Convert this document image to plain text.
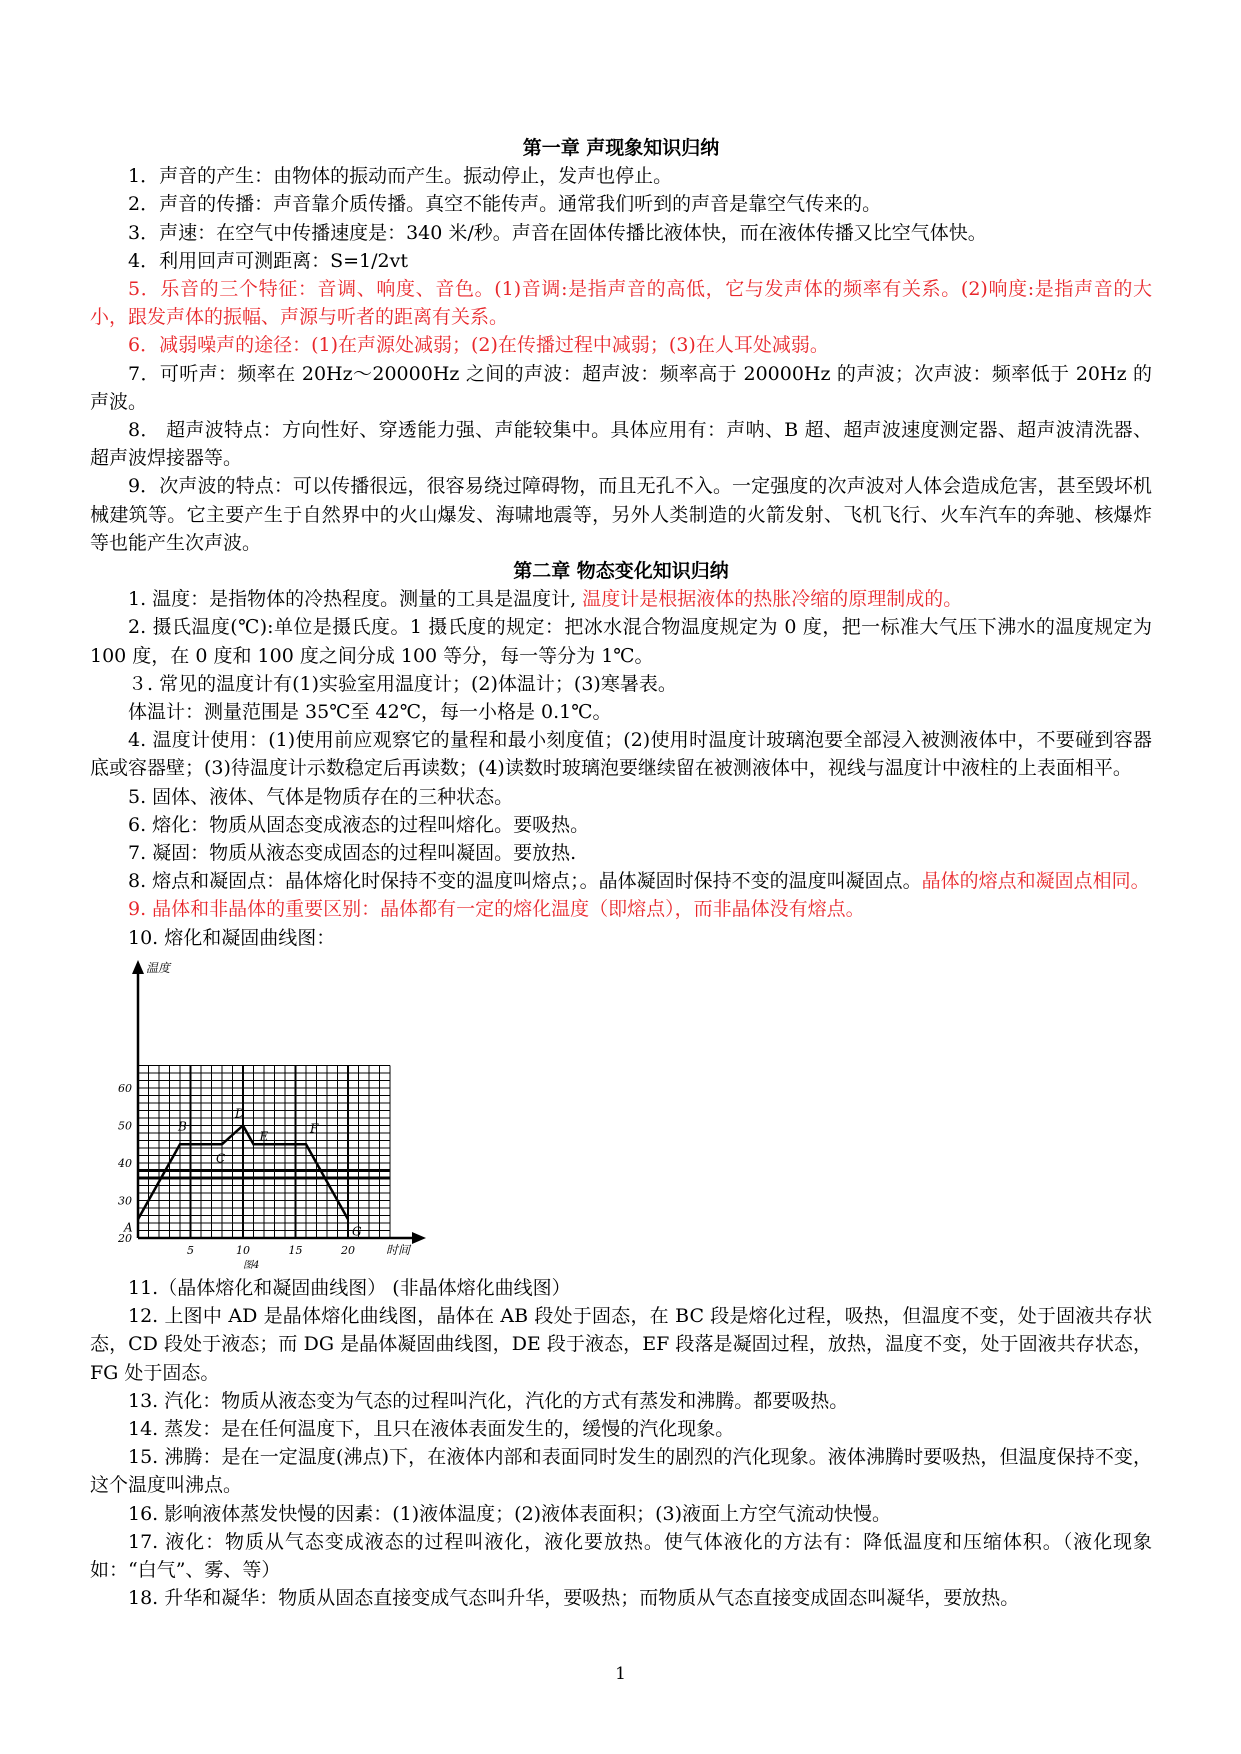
第一章 声现象知识归纳

1．声音的产生：由物体的振动而产生。振动停止，发声也停止。

2．声音的传播：声音靠介质传播。真空不能传声。通常我们听到的声音是靠空气传来的。

3．声速：在空气中传播速度是：340 米/秒。声音在固体传播比液体快，而在液体传播又比空气体快。

4．利用回声可测距离：S=1/2vt

5．乐音的三个特征：音调、响度、音色。(1)音调:是指声音的高低，它与发声体的频率有关系。(2)响度:是指声音的大小，跟发声体的振幅、声源与听者的距离有关系。

6．减弱噪声的途径：(1)在声源处减弱；(2)在传播过程中减弱；(3)在人耳处减弱。

7．可听声：频率在 20Hz～20000Hz 之间的声波：超声波：频率高于 20000Hz 的声波；次声波：频率低于 20Hz 的声波。

8． 超声波特点：方向性好、穿透能力强、声能较集中。具体应用有：声呐、B 超、超声波速度测定器、超声波清洗器、超声波焊接器等。

9．次声波的特点：可以传播很远，很容易绕过障碍物，而且无孔不入。一定强度的次声波对人体会造成危害，甚至毁坏机械建筑等。它主要产生于自然界中的火山爆发、海啸地震等，另外人类制造的火箭发射、飞机飞行、火车汽车的奔驰、核爆炸等也能产生次声波。

第二章 物态变化知识归纳

1. 温度：是指物体的冷热程度。测量的工具是温度计, 温度计是根据液体的热胀冷缩的原理制成的。

2. 摄氏温度(℃):单位是摄氏度。1 摄氏度的规定：把冰水混合物温度规定为 0 度，把一标准大气压下沸水的温度规定为 100 度，在 0 度和 100 度之间分成 100 等分，每一等分为 1℃。

３. 常见的温度计有(1)实验室用温度计；(2)体温计；(3)寒暑表。

体温计：测量范围是 35℃至 42℃，每一小格是 0.1℃。

4. 温度计使用：(1)使用前应观察它的量程和最小刻度值；(2)使用时温度计玻璃泡要全部浸入被测液体中，不要碰到容器底或容器壁；(3)待温度计示数稳定后再读数；(4)读数时玻璃泡要继续留在被测液体中，视线与温度计中液柱的上表面相平。

5. 固体、液体、气体是物质存在的三种状态。

6. 熔化：物质从固态变成液态的过程叫熔化。要吸热。

7. 凝固：物质从液态变成固态的过程叫凝固。要放热.

8. 熔点和凝固点：晶体熔化时保持不变的温度叫熔点；。晶体凝固时保持不变的温度叫凝固点。晶体的熔点和凝固点相同。

9. 晶体和非晶体的重要区别：晶体都有一定的熔化温度（即熔点），而非晶体没有熔点。

10. 熔化和凝固曲线图：

5	10	15	20
20
30
40
50
60
A
B
C
D
E
F
G
温度
时间
图4

11.（晶体熔化和凝固曲线图） (非晶体熔化曲线图）

12. 上图中 AD 是晶体熔化曲线图，晶体在 AB 段处于固态，在 BC 段是熔化过程，吸热，但温度不变，处于固液共存状态，CD 段处于液态；而 DG 是晶体凝固曲线图，DE 段于液态，EF 段落是凝固过程，放热，温度不变，处于固液共存状态，FG 处于固态。

13. 汽化：物质从液态变为气态的过程叫汽化，汽化的方式有蒸发和沸腾。都要吸热。

14. 蒸发：是在任何温度下，且只在液体表面发生的，缓慢的汽化现象。

15. 沸腾：是在一定温度(沸点)下，在液体内部和表面同时发生的剧烈的汽化现象。液体沸腾时要吸热，但温度保持不变，这个温度叫沸点。

16. 影响液体蒸发快慢的因素：(1)液体温度；(2)液体表面积；(3)液面上方空气流动快慢。

17. 液化：物质从气态变成液态的过程叫液化，液化要放热。使气体液化的方法有：降低温度和压缩体积。（液化现象如：“白气”、雾、等）

18. 升华和凝华：物质从固态直接变成气态叫升华，要吸热；而物质从气态直接变成固态叫凝华，要放热。

1
